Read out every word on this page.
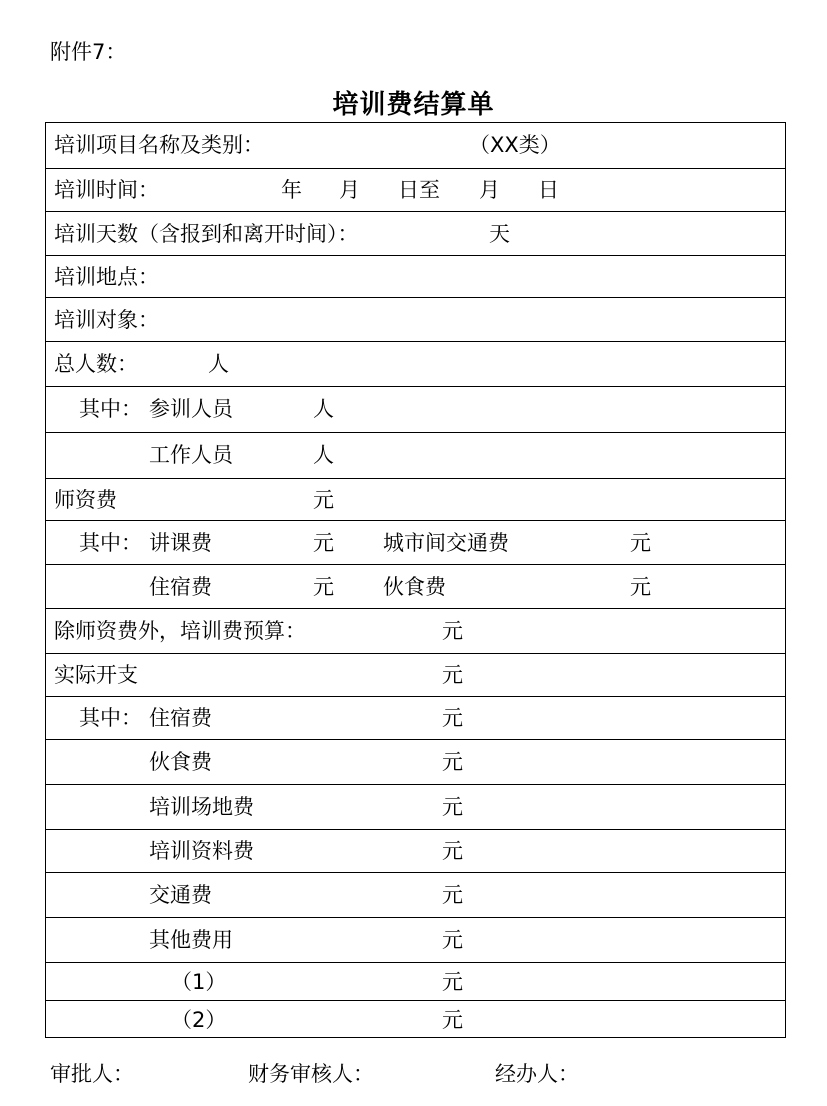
附件7：
培训费结算单
培训项目名称及类别：	（XX类）
培训时间：	年 月 日至 月 日
培训天数（含报到和离开时间）：	天
培训地点：
培训对象：
总人数：	人
其中： 参训人员	人
工作人员	人
师资费	元
其中： 讲课费	元 城市间交通费	元
住宿费	元 伙食费	元
除师资费外，培训费预算：	元
实际开支	元
其中： 住宿费	元
伙食费	元
培训场地费	元
培训资料费	元
交通费	元
其他费用	元
（1）	元
（2）	元
审批人：	财务审核人：	经办人：
